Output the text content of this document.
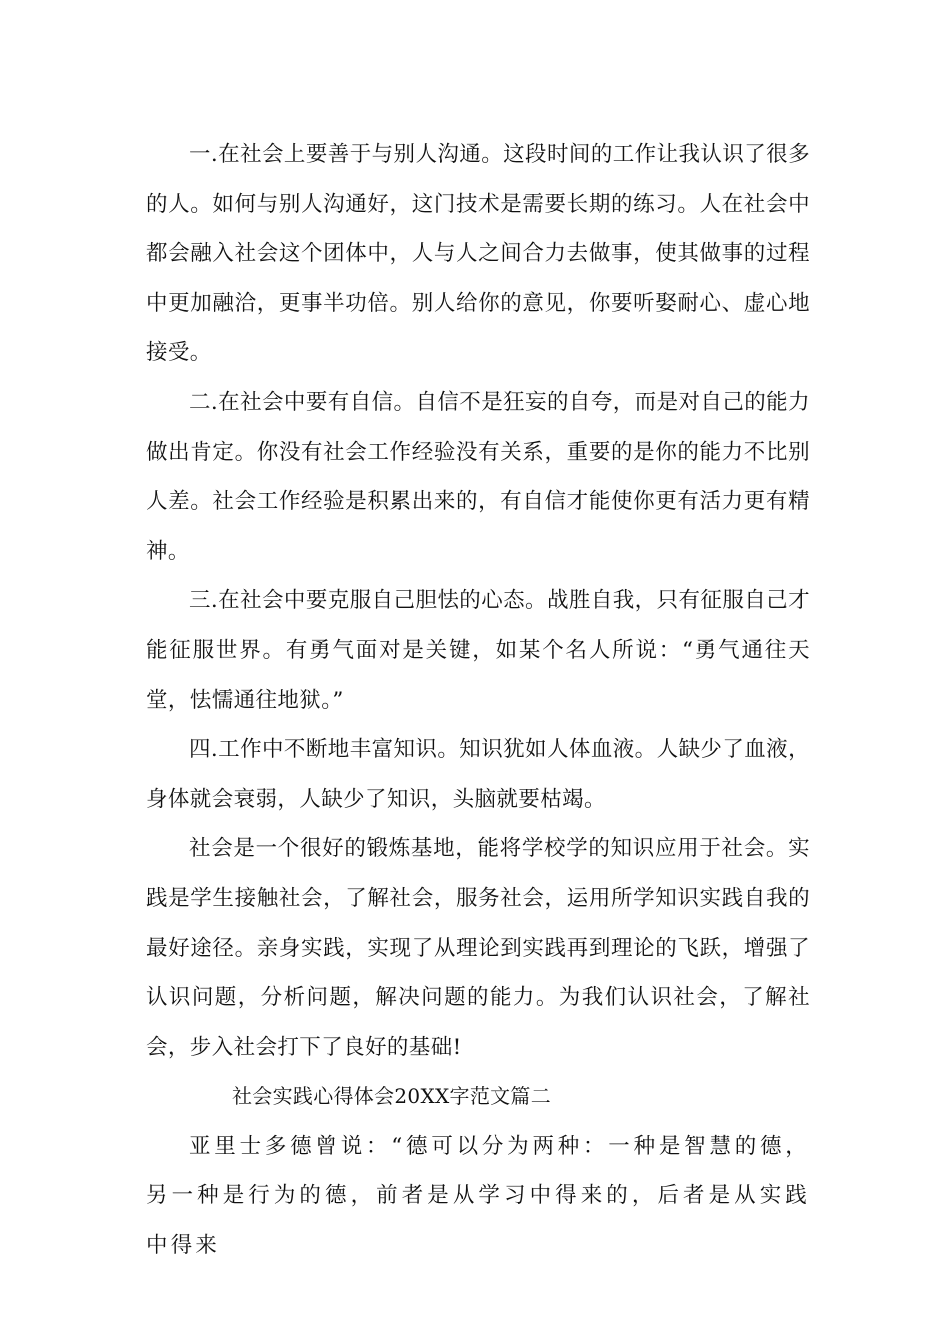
一.在社会上要善于与别人沟通。这段时间的工作让我认识了很多的人。如何与别人沟通好，这门技术是需要长期的练习。人在社会中都会融入社会这个团体中，人与人之间合力去做事，使其做事的过程中更加融洽，更事半功倍。别人给你的意见，你要听娶耐心、虚心地接受。

二.在社会中要有自信。自信不是狂妄的自夸，而是对自己的能力做出肯定。你没有社会工作经验没有关系，重要的是你的能力不比别人差。社会工作经验是积累出来的，有自信才能使你更有活力更有精神。

三.在社会中要克服自己胆怯的心态。战胜自我，只有征服自己才能征服世界。有勇气面对是关键，如某个名人所说：“勇气通往天堂，怯懦通往地狱。”

四.工作中不断地丰富知识。知识犹如人体血液。人缺少了血液，身体就会衰弱，人缺少了知识，头脑就要枯竭。

社会是一个很好的锻炼基地，能将学校学的知识应用于社会。实践是学生接触社会，了解社会，服务社会，运用所学知识实践自我的最好途径。亲身实践，实现了从理论到实践再到理论的飞跃，增强了认识问题，分析问题，解决问题的能力。为我们认识社会，了解社会，步入社会打下了良好的基础!

社会实践心得体会20XX字范文篇二

亚里士多德曾说：“德可以分为两种：一种是智慧的德，另一种是行为的德，前者是从学习中得来的，后者是从实践中得来
